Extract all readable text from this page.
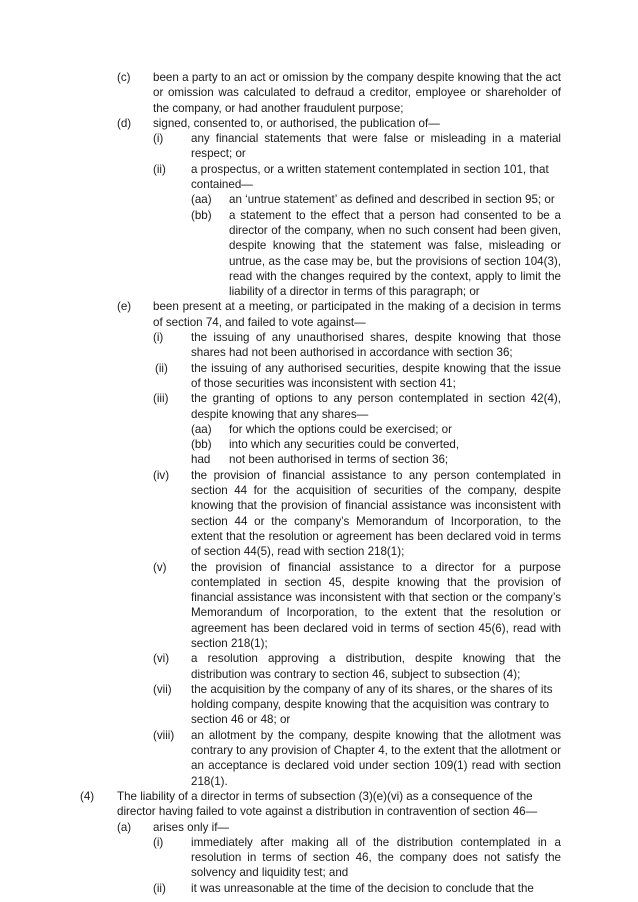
(c) been a party to an act or omission by the company despite knowing that the act or omission was calculated to defraud a creditor, employee or shareholder of the company, or had another fraudulent purpose;
(d) signed, consented to, or authorised, the publication of—
(i) any financial statements that were false or misleading in a material respect; or
(ii) a prospectus, or a written statement contemplated in section 101, that contained—
(aa) an ‘untrue statement’ as defined and described in section 95; or
(bb) a statement to the effect that a person had consented to be a director of the company, when no such consent had been given, despite knowing that the statement was false, misleading or untrue, as the case may be, but the provisions of section 104(3), read with the changes required by the context, apply to limit the liability of a director in terms of this paragraph; or
(e) been present at a meeting, or participated in the making of a decision in terms of section 74, and failed to vote against—
(i) the issuing of any unauthorised shares, despite knowing that those shares had not been authorised in accordance with section 36;
(ii) the issuing of any authorised securities, despite knowing that the issue of those securities was inconsistent with section 41;
(iii) the granting of options to any person contemplated in section 42(4), despite knowing that any shares—
(aa) for which the options could be exercised; or
(bb) into which any securities could be converted,
had not been authorised in terms of section 36;
(iv) the provision of financial assistance to any person contemplated in section 44 for the acquisition of securities of the company, despite knowing that the provision of financial assistance was inconsistent with section 44 or the company’s Memorandum of Incorporation, to the extent that the resolution or agreement has been declared void in terms of section 44(5), read with section 218(1);
(v) the provision of financial assistance to a director for a purpose contemplated in section 45, despite knowing that the provision of financial assistance was inconsistent with that section or the company’s Memorandum of Incorporation, to the extent that the resolution or agreement has been declared void in terms of section 45(6), read with section 218(1);
(vi) a resolution approving a distribution, despite knowing that the distribution was contrary to section 46, subject to subsection (4);
(vii) the acquisition by the company of any of its shares, or the shares of its holding company, despite knowing that the acquisition was contrary to section 46 or 48; or
(viii) an allotment by the company, despite knowing that the allotment was contrary to any provision of Chapter 4, to the extent that the allotment or an acceptance is declared void under section 109(1) read with section 218(1).
(4) The liability of a director in terms of subsection (3)(e)(vi) as a consequence of the director having failed to vote against a distribution in contravention of section 46—
(a) arises only if—
(i) immediately after making all of the distribution contemplated in a resolution in terms of section 46, the company does not satisfy the solvency and liquidity test; and
(ii) it was unreasonable at the time of the decision to conclude that the
